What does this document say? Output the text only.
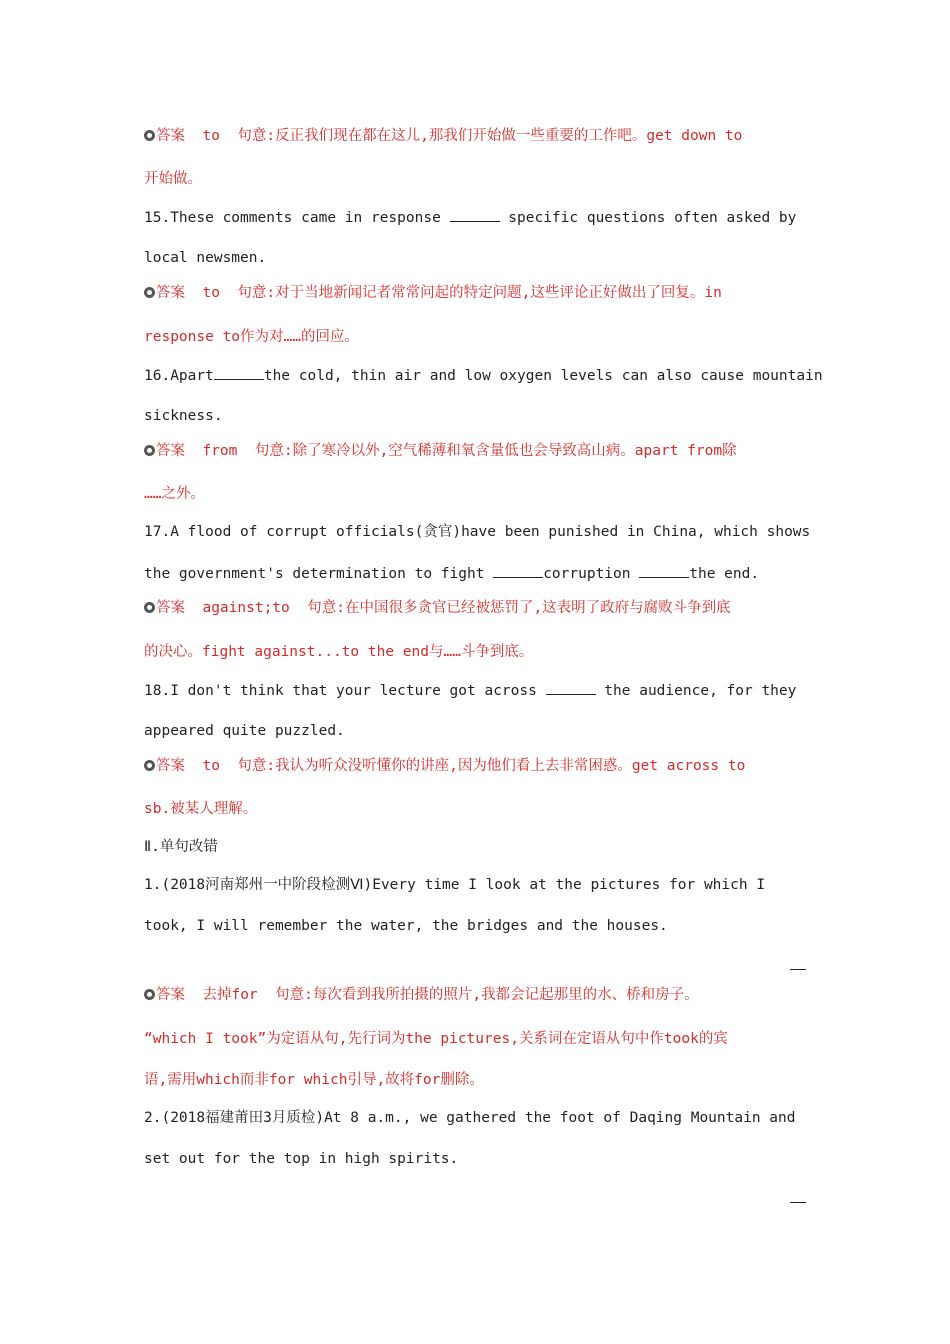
答案  to  句意:反正我们现在都在这儿,那我们开始做一些重要的工作吧。get down to
开始做。
15.These comments came in response	specific questions often asked by
local newsmen.
答案  to  句意:对于当地新闻记者常常问起的特定问题,这些评论正好做出了回复。in
response to作为对……的回应。
16.Apart	the cold, thin air and low oxygen levels can also cause mountain
sickness.
答案  from  句意:除了寒冷以外,空气稀薄和氧含量低也会导致高山病。apart from除
……之外。
17.A flood of corrupt officials(贪官)have been punished in China, which shows
the government's determination to fight	corruption	the end.
答案  against;to  句意:在中国很多贪官已经被惩罚了,这表明了政府与腐败斗争到底
的决心。fight against...to the end与……斗争到底。
18.I don't think that your lecture got across	the audience, for they
appeared quite puzzled.
答案  to  句意:我认为听众没听懂你的讲座,因为他们看上去非常困惑。get across to
sb.被某人理解。
Ⅱ.单句改错
1.(2018河南郑州一中阶段检测Ⅵ)Every time I look at the pictures for which I
took, I will remember the water, the bridges and the houses.
答案  去掉for  句意:每次看到我所拍摄的照片,我都会记起那里的水、桥和房子。
“which I took”为定语从句,先行词为the pictures,关系词在定语从句中作took的宾
语,需用which而非for which引导,故将for删除。
2.(2018福建莆田3月质检)At 8 a.m., we gathered the foot of Daqing Mountain and
set out for the top in high spirits.
